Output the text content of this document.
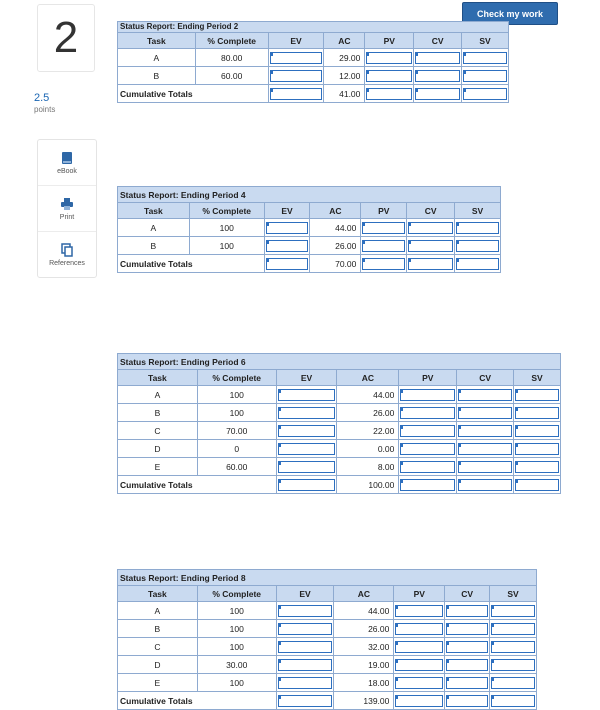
2
2.5
points
eBook
Print
References
Check my work
Status Report: Ending Period 2						
Task	% Complete	EV	AC	PV	CV	SV
A	80.00		29.00	

B	60.00		12.00	

Cumulative Totals			41.00	

Status Report: Ending Period 4						
Task	% Complete	EV	AC	PV	CV	SV
A	100		44.00	

B	100		26.00	

Cumulative Totals			70.00	

Status Report: Ending Period 6						
Task	% Complete	EV	AC	PV	CV	SV
A	100		44.00	

B	100		26.00	

C	70.00		22.00	

D	0		0.00	

E	60.00		8.00	

Cumulative Totals			100.00	

Status Report: Ending Period 8						
Task	% Complete	EV	AC	PV	CV	SV
A	100		44.00	

B	100		26.00	

C	100		32.00	

D	30.00		19.00	

E	100		18.00	

Cumulative Totals			139.00	
